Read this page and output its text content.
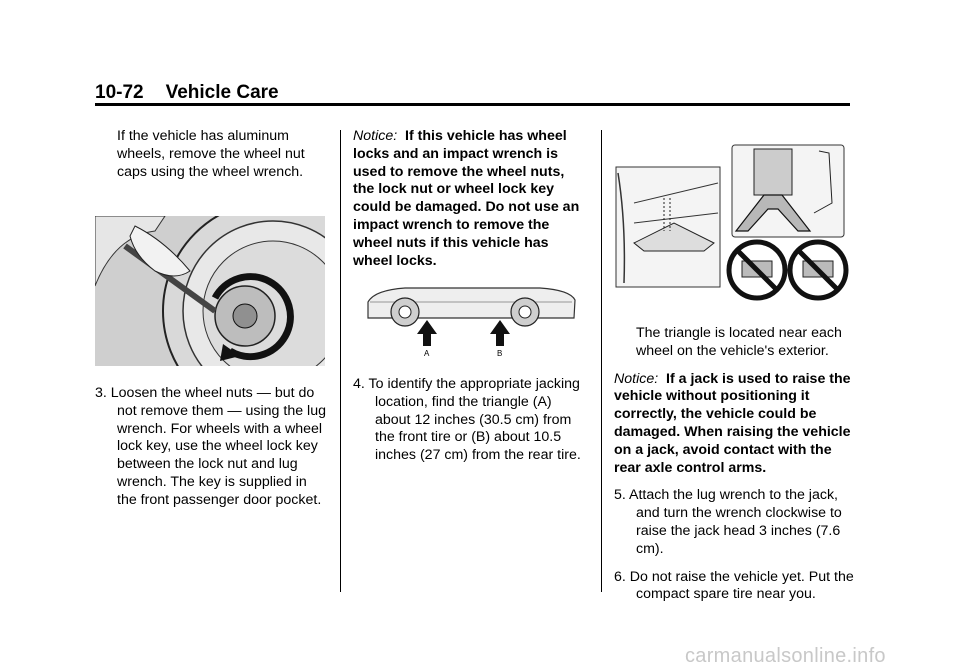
10-72 Vehicle Care

If the vehicle has aluminum wheels, remove the wheel nut caps using the wheel wrench.

3. Loosen the wheel nuts — but do not remove them — using the lug wrench. For wheels with a wheel lock key, use the wheel lock key between the lock nut and lug wrench. The key is supplied in the front passenger door pocket.

Notice: If this vehicle has wheel locks and an impact wrench is used to remove the wheel nuts, the lock nut or wheel lock key could be damaged. Do not use an impact wrench to remove the wheel nuts if this vehicle has wheel locks.

A	B

4. To identify the appropriate jacking location, find the triangle (A) about 12 inches (30.5 cm) from the front tire or (B) about 10.5 inches (27 cm) from the rear tire.

The triangle is located near each wheel on the vehicle's exterior.

Notice: If a jack is used to raise the vehicle without positioning it correctly, the vehicle could be damaged. When raising the vehicle on a jack, avoid contact with the rear axle control arms.

5. Attach the lug wrench to the jack, and turn the wrench clockwise to raise the jack head 3 inches (7.6 cm).

6. Do not raise the vehicle yet. Put the compact spare tire near you.

carmanualsonline.info
